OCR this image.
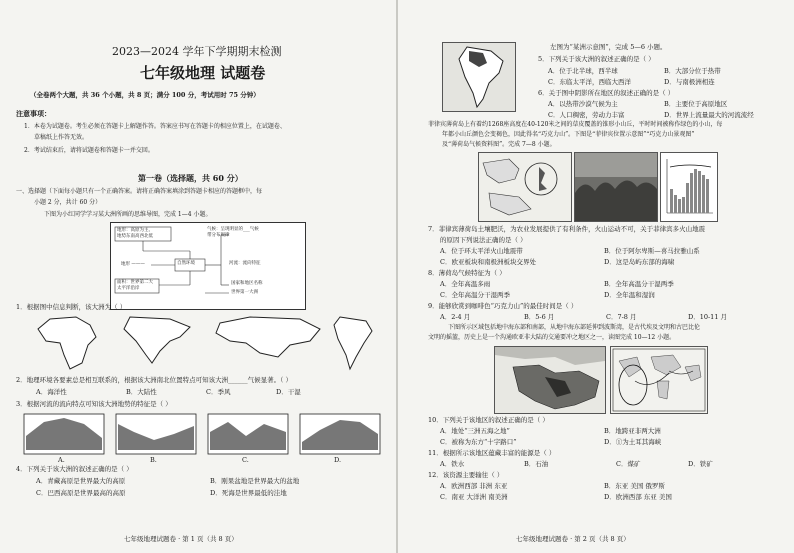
2023—2024 学年下学期期末检测
七年级地理 试题卷
（全卷两个大题，共 36 个小题，共 8 页；满分 100 分，考试用时 75 分钟）
注意事项：
1．本卷为试题卷。考生必须在答题卡上解题作答。答案应书写在答题卡的相应位置上，在试题卷、
草稿纸上作答无效。
2．考试结束后，请将试题卷和答题卡一并交回。
第一卷（选择题，共 60 分）
一、选择题（下面每小题只有一个正确答案。请将正确答案填涂到答题卡相应的答题框中，每
小题 2 分，共计 60 分）
下图为小红同学学习某大洲所画的思维导图，完成 1—4 小题。
地形：高原为主、
地势东南高西北低
气候：呈现明显的___气候
带分布规律
地形 ———	自然环境	河流：流向特征
面积：世界第二大
太平洋沿岸
国家和地区名称
世界第一大洲
1．根据图中信息判断，该大洲为（ ）
2．地理环境各要素总是相互联系的，根据该大洲南北位置特点可知该大洲______气候显著。（ ）
A．海洋性	B．大陆性	C．季风	D．干湿
3．根据河流的流向特点可知该大洲地势的特征是（ ）
A.	B.	C.	D.
4．下列关于该大洲的叙述正确的是（ ）
A．青藏高原是世界最大的高原	B．刚果盆地是世界最大的盆地
C．巴西高原是世界最高的高原	D．死海是世界最低的洼地
七年级地理试题卷 · 第 1 页（共 8 页）
左图为“某洲示意图”，完成 5—6 小题。
5．下列关于该大洲的叙述正确的是（ ）
A．位于北半球，西半球	B．大部分位于热带
C．东临太平洋，西临大西洋	D．与南极洲相连
6．关于图中阴影所在地区的叙述正确的是（ ）
A．以热带沙漠气候为主	B．主要位于高原地区
C．人口稠密，劳动力丰富	D．世界上流量最大的河流流经
菲律宾薄荷岛上有着约1268座高度在40-120米之间的草皮覆盖的锥形小山丘，平时时间被称作绿色的小山，每
年都小山丘颜色会变褐色，因此得名“巧克力山”。下图是“菲律宾位置示意图”“巧克力山景观图”
及“薄荷岛气候资料图”。完成 7—8 小题。
7．菲律宾薄荷岛土壤肥沃，为农业发展提供了有利条件，火山运动不可，关于菲律宾多火山地震
的原因下列说法正确的是（ ）
A．位于环太平洋火山地震带	B．位于阿尔卑斯—喜马拉雅山系
C．欧亚板块和南极洲板块交界处	D．这是岛屿东部的海啸
8．薄荷岛气候特征为（ ）
A．全年高温多雨	B．全年高温分干湿两季
C．全年高温分干湿两季	D．全年温和湿润
9．能够欣赏到咖啡色“巧克力山”的最佳时间是（ ）
A．2-4 月	B．5-6 月	C．7-8 月	D．10-11 月
下图所示区域包括地中海东部和南部，从地中海东部延伸到波斯湾，是古代埃及文明和古巴比伦
文明的摇篮，历史上是一个沟通欧亚非大陆的交通要冲之地区之一，读图完成 10—12 小题。
10．下列关于该地区的叙述正确的是（ ）
A．地处“三洲五海之地”	B．地跨亚非两大洲
C．被称为东方“十字路口”	D．①为土耳其海峡
11．根据所示该地区蕴藏丰富的能源是（ ）
A．铁水	B．石油	C．煤矿	D．铁矿
12．该资源主要输往（ ）
A．欧洲西部 非洲 东亚	B．东亚 美国 俄罗斯
C．南亚 大洋洲 南美洲	D．欧洲西部 东亚 美国
七年级地理试题卷 · 第 2 页（共 8 页）
